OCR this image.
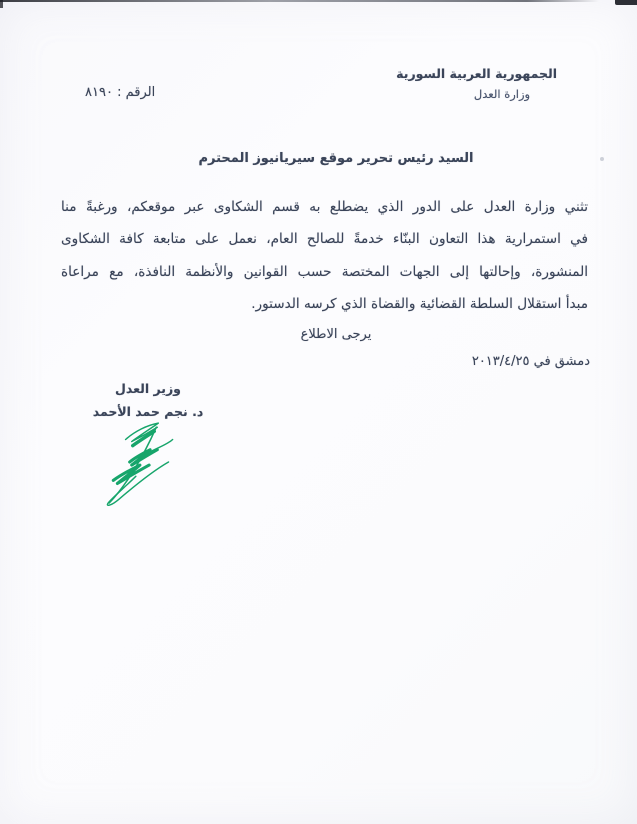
الجمهورية العربية السورية
وزارة العدل
الرقم : ٨١٩٠
السيد رئيس تحرير موقع سيريانيوز المحترم
تثني وزارة العدل على الدور الذي يضطلع به قسم الشكاوى عبر موقعكم، ورغبةً منا
في استمرارية هذا التعاون البنّاء خدمةً للصالح العام، نعمل على متابعة كافة الشكاوى
المنشورة، وإحالتها إلى الجهات المختصة حسب القوانين والأنظمة النافذة، مع مراعاة
مبدأ استقلال السلطة القضائية والقضاة الذي كرسه الدستور.
يرجى الاطلاع
دمشق في ٢٠١٣/٤/٢٥
وزير العدل
د. نجم حمد الأحمد
